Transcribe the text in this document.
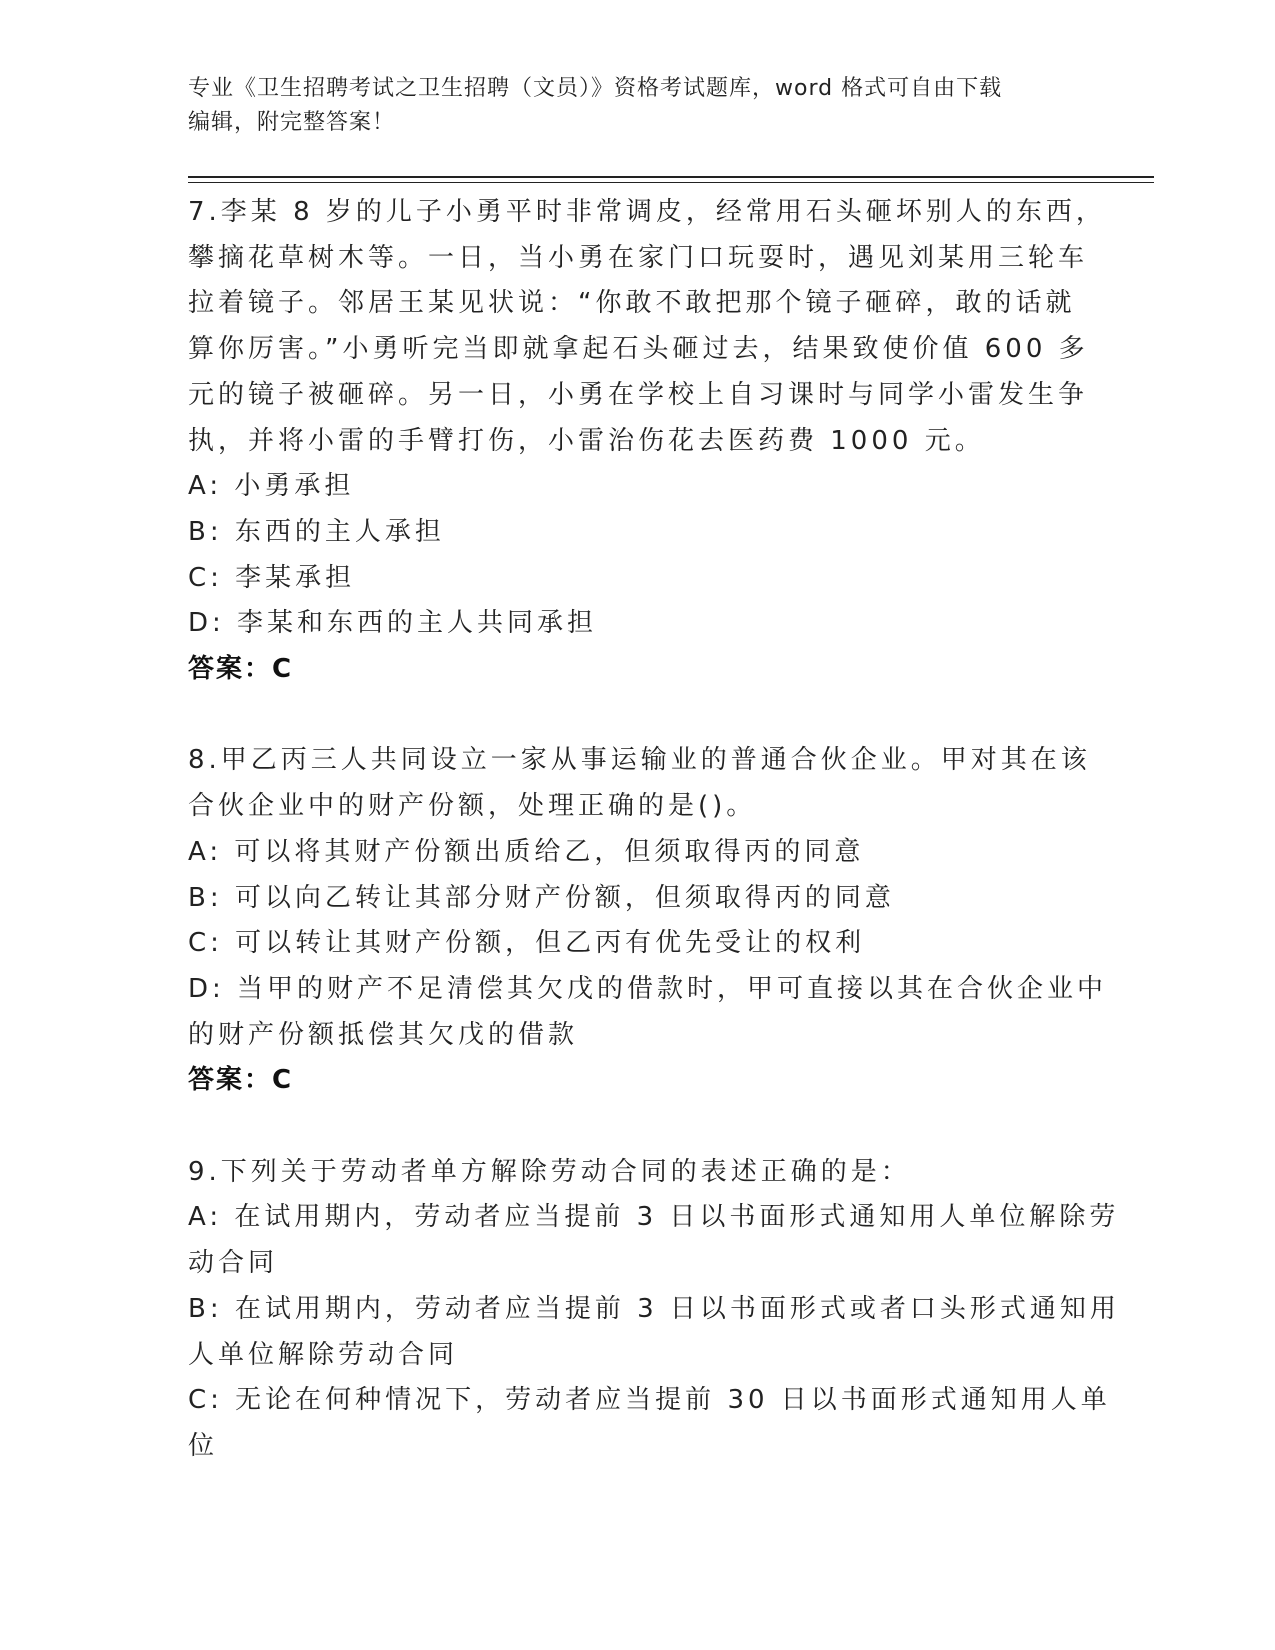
专业《卫生招聘考试之卫生招聘（文员）》资格考试题库，word 格式可自由下载
编辑，附完整答案！
7.李某 8 岁的儿子小勇平时非常调皮，经常用石头砸坏别人的东西，
攀摘花草树木等。一日，当小勇在家门口玩耍时，遇见刘某用三轮车
拉着镜子。邻居王某见状说：“你敢不敢把那个镜子砸碎，敢的话就
算你厉害。”小勇听完当即就拿起石头砸过去，结果致使价值 600 多
元的镜子被砸碎。另一日，小勇在学校上自习课时与同学小雷发生争
执，并将小雷的手臂打伤，小雷治伤花去医药费 1000 元。
A: 小勇承担
B: 东西的主人承担
C: 李某承担
D: 李某和东西的主人共同承担
答案：C
8.甲乙丙三人共同设立一家从事运输业的普通合伙企业。甲对其在该
合伙企业中的财产份额，处理正确的是()。
A: 可以将其财产份额出质给乙，但须取得丙的同意
B: 可以向乙转让其部分财产份额，但须取得丙的同意
C: 可以转让其财产份额，但乙丙有优先受让的权利
D: 当甲的财产不足清偿其欠戊的借款时，甲可直接以其在合伙企业中
的财产份额抵偿其欠戊的借款
答案：C
9.下列关于劳动者单方解除劳动合同的表述正确的是：
A: 在试用期内，劳动者应当提前 3 日以书面形式通知用人单位解除劳
动合同
B: 在试用期内，劳动者应当提前 3 日以书面形式或者口头形式通知用
人单位解除劳动合同
C: 无论在何种情况下，劳动者应当提前 30 日以书面形式通知用人单
位
